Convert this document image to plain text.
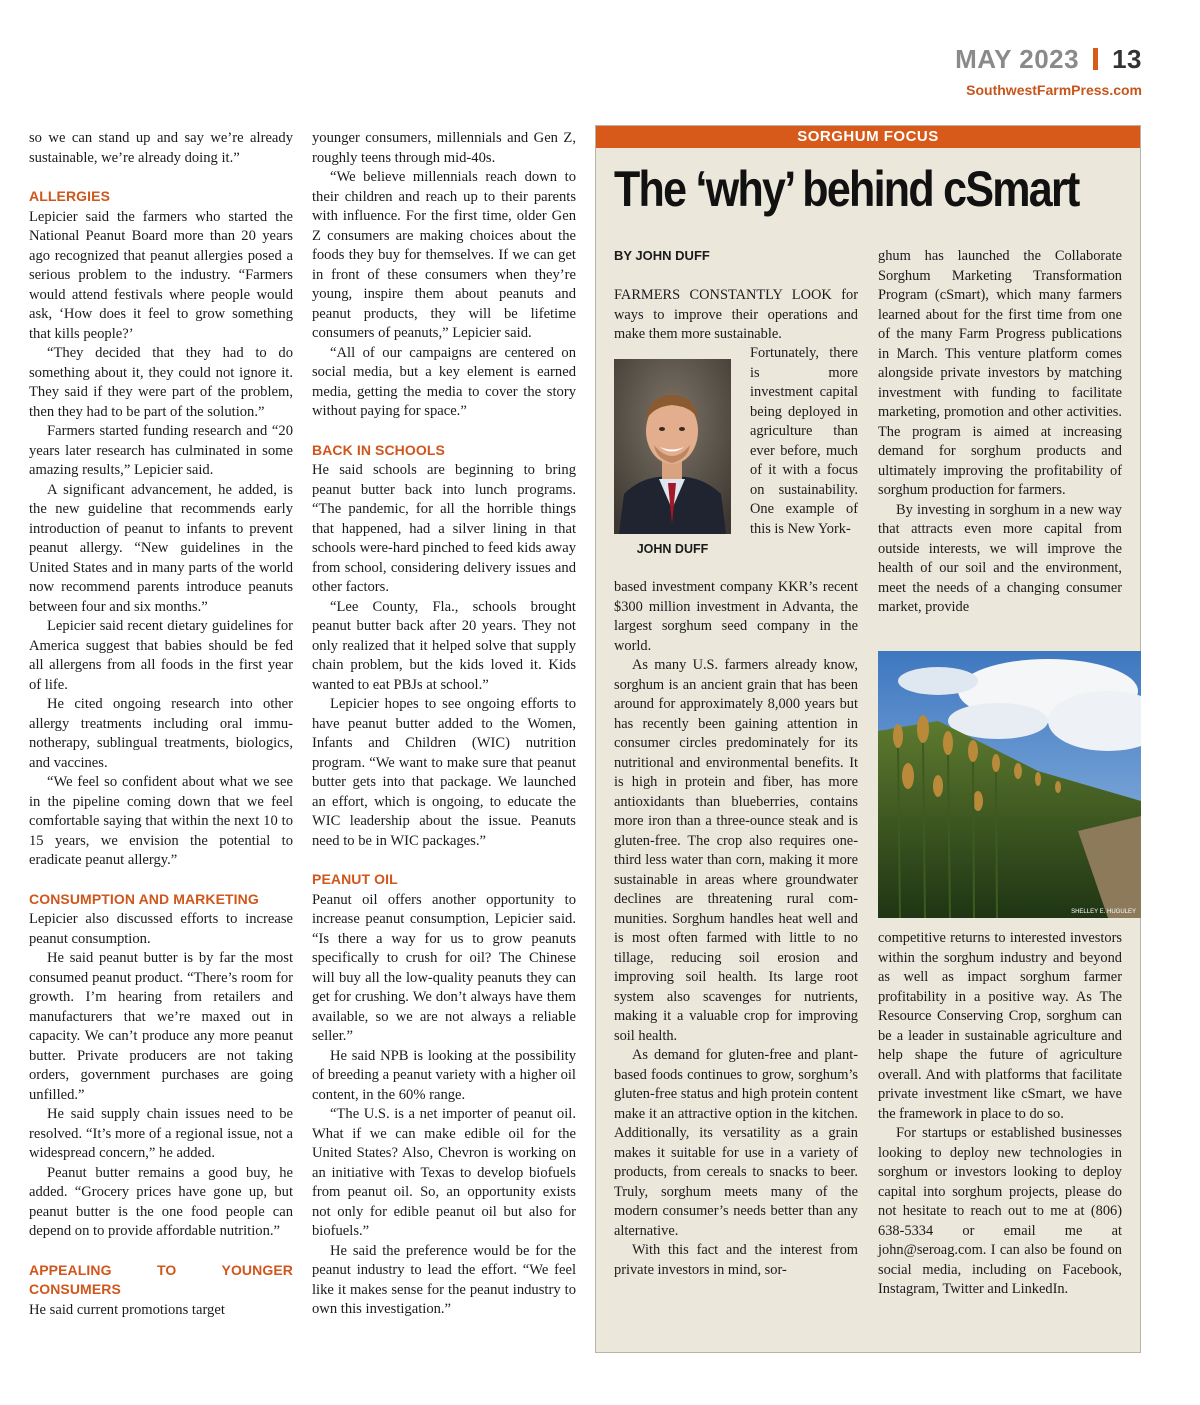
MAY 2023 13
SouthwestFarmPress.com

so we can stand up and say we’re already sustainable, we’re already doing it.”

ALLERGIES

Lepicier said the farmers who started the National Peanut Board more than 20 years ago recognized that peanut allergies posed a serious problem to the industry. “Farmers would attend festivals where people would ask, ‘How does it feel to grow something that kills people?’

“They decided that they had to do something about it, they could not ignore it. They said if they were part of the problem, then they had to be part of the solution.”

Farmers started funding research and “20 years later research has culminated in some amazing results,” Lepicier said.

A significant advancement, he added, is the new guideline that recommends early introduction of peanut to infants to prevent peanut allergy. “New guidelines in the United States and in many parts of the world now recommend parents introduce peanuts between four and six months.”

Lepicier said recent dietary guidelines for America suggest that babies should be fed all allergens from all foods in the first year of life.

He cited ongoing research into other allergy treatments including oral immunotherapy, sublingual treatments, biologics, and vaccines.

“We feel so confident about what we see in the pipeline coming down that we feel comfortable saying that within the next 10 to 15 years, we envision the potential to eradicate peanut allergy.”

CONSUMPTION AND MARKETING

Lepicier also discussed efforts to increase peanut consumption.

He said peanut butter is by far the most consumed peanut product. “There’s room for growth. I’m hearing from retailers and manufacturers that we’re maxed out in capacity. We can’t produce any more peanut butter. Private producers are not taking orders, government purchases are going unfilled.”

He said supply chain issues need to be resolved. “It’s more of a regional issue, not a widespread concern,” he added.

Peanut butter remains a good buy, he added. “Grocery prices have gone up, but peanut butter is the one food people can depend on to provide affordable nutrition.”

APPEALING TO YOUNGER CONSUMERS

He said current promotions target

younger consumers, millennials and Gen Z, roughly teens through mid-40s.

“We believe millennials reach down to their children and reach up to their parents with influence. For the first time, older Gen Z consumers are making choices about the foods they buy for themselves. If we can get in front of these consumers when they’re young, inspire them about peanuts and peanut products, they will be lifetime consumers of peanuts,” Lepicier said.

“All of our campaigns are centered on social media, but a key element is earned media, getting the media to cover the story without paying for space.”

BACK IN SCHOOLS

He said schools are beginning to bring peanut butter back into lunch programs. “The pandemic, for all the horrible things that happened, had a silver lining in that schools were-hard pinched to feed kids away from school, considering delivery issues and other factors.

“Lee County, Fla., schools brought peanut butter back after 20 years. They not only realized that it helped solve that supply chain problem, but the kids loved it. Kids wanted to eat PBJs at school.”

Lepicier hopes to see ongoing efforts to have peanut butter added to the Women, Infants and Children (WIC) nutrition program. “We want to make sure that peanut butter gets into that package. We launched an effort, which is ongoing, to educate the WIC leadership about the issue. Peanuts need to be in WIC packages.”

PEANUT OIL

Peanut oil offers another opportunity to increase peanut consumption, Lepicier said. “Is there a way for us to grow peanuts specifically to crush for oil? The Chinese will buy all the low-quality peanuts they can get for crushing. We don’t always have them available, so we are not always a reliable seller.”

He said NPB is looking at the possibility of breeding a peanut variety with a higher oil content, in the 60% range.

“The U.S. is a net importer of peanut oil. What if we can make edible oil for the United States? Also, Chevron is working on an initiative with Texas to develop biofuels from peanut oil. So, an opportunity exists not only for edible peanut oil but also for biofuels.”

He said the preference would be for the peanut industry to lead the effort. “We feel like it makes sense for the peanut industry to own this investigation.”

SORGHUM FOCUS
The ‘why’ behind cSmart
BY JOHN DUFF

FARMERS CONSTANTLY LOOK for ways to improve their operations and make them more sustainable.

JOHN DUFF

Fortunately, there is more investment capital being deployed in agriculture than ever before, much of it with a focus on sustainability. One example of this is New York-

based investment company KKR’s recent $300 million investment in Advanta, the largest sorghum seed company in the world.

As many U.S. farmers already know, sorghum is an ancient grain that has been around for approximately 8,000 years but has recently been gaining attention in consumer circles predominately for its nutritional and environmental benefits. It is high in protein and fiber, has more antioxidants than blueberries, contains more iron than a three-ounce steak and is gluten-free. The crop also requires one-third less water than corn, making it more sustainable in areas where groundwater declines are threatening rural communities. Sorghum handles heat well and is most often farmed with little to no tillage, reducing soil erosion and improving soil health. Its large root system also scavenges for nutrients, making it a valuable crop for improving soil health.

As demand for gluten-free and plant-based foods continues to grow, sorghum’s gluten-free status and high protein content make it an attractive option in the kitchen. Additionally, its versatility as a grain makes it suitable for use in a variety of products, from cereals to snacks to beer. Truly, sorghum meets many of the modern consumer’s needs better than any alternative.

With this fact and the interest from private investors in mind, sor-

ghum has launched the Collaborate Sorghum Marketing Transformation Program (cSmart), which many farmers learned about for the first time from one of the many Farm Progress publications in March. This venture platform comes alongside private investors by matching investment with funding to facilitate marketing, promotion and other activities. The program is aimed at increasing demand for sorghum products and ultimately improving the profitability of sorghum production for farmers.

By investing in sorghum in a new way that attracts even more capital from outside interests, we will improve the health of our soil and the environment, meet the needs of a changing consumer market, provide

SHELLEY E. HUGULEY

competitive returns to interested investors within the sorghum industry and beyond as well as impact sorghum farmer profitability in a positive way. As The Resource Conserving Crop, sorghum can be a leader in sustainable agriculture and help shape the future of agriculture overall. And with platforms that facilitate private investment like cSmart, we have the framework in place to do so.

For startups or established businesses looking to deploy new technologies in sorghum or investors looking to deploy capital into sorghum projects, please do not hesitate to reach out to me at (806) 638-5334 or email me at john@seroag.com. I can also be found on social media, including on Facebook, Instagram, Twitter and LinkedIn.
